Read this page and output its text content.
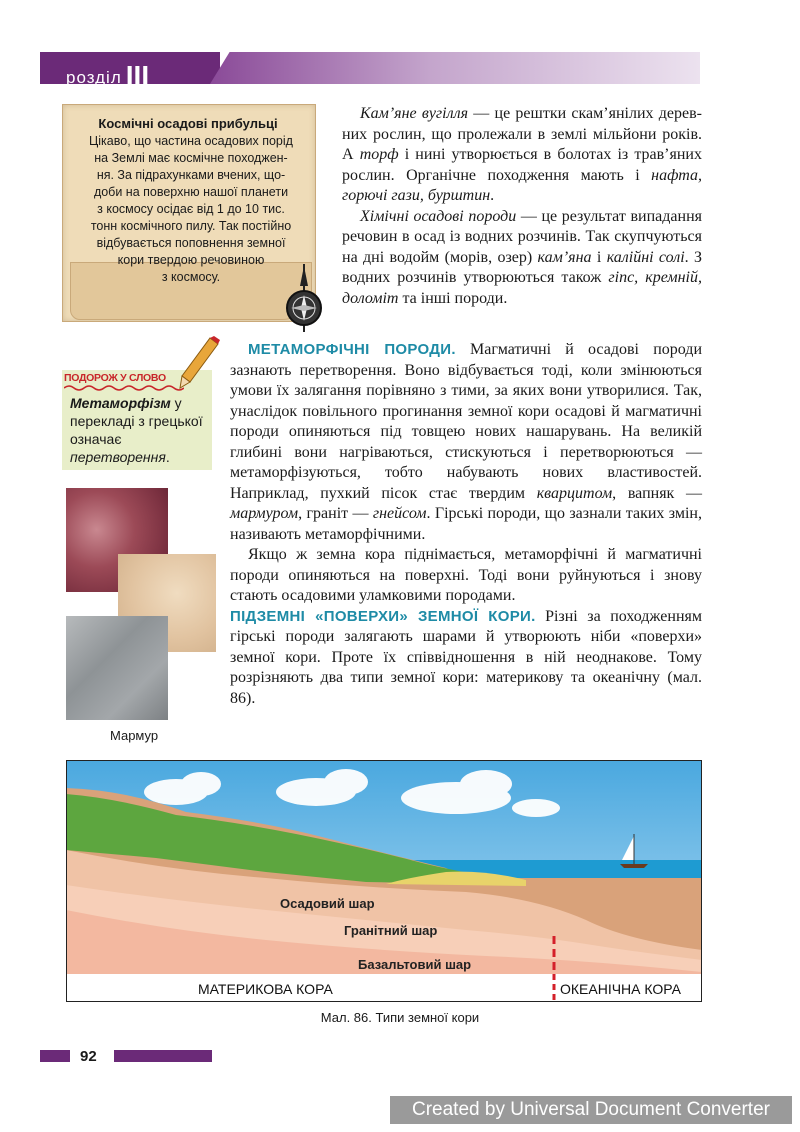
розділ III
Космічні осадові прибульці
Цікаво, що частина осадових порід
на Землі має космічне походжен-
ня. За підрахунками вчених, що-
доби на поверхню нашої планети
з космосу осідає від 1 до 10 тис.
тонн космічного пилу. Так постійно
відбувається поповнення земної
кори твердою речовиною
з космосу.

Кам’яне вугілля — це рештки скам’янілих деревних рослин, що пролежали в землі мільйони років. А торф і нині утворюється в болотах із трав’яних рослин. Органічне походження мають і нафта, горючі гази, бурштин.

Хімічні осадові породи — це результат випадання речовин в осад із водних розчинів. Так скупчуються на дні водойм (морів, озер) кам’яна і калійні солі. З водних розчинів утворюються також гіпс, кремній, доломіт та інші породи.

ПОДОРОЖ У СЛОВО
Метаморфізм у перекладі з грецької означає перетворення.

МЕТАМОРФІЧНІ ПОРОДИ. Магматичні й осадові породи зазнають перетворення. Воно відбувається тоді, коли змінюються умови їх залягання порівняно з тими, за яких вони утворилися. Так, унаслідок повільного прогинання земної кори осадові й магматичні породи опиняються під товщею нових нашарувань. На великій глибині вони нагріваються, стискуються і перетворюються — метаморфізуються, тобто набувають нових властивостей. Наприклад, пухкий пісок стає твердим кварцитом, вапняк — мармуром, граніт — гнейсом. Гірські породи, що зазнали таких змін, називають метаморфічними.

Якщо ж земна кора піднімається, метаморфічні й магматичні породи опиняються на поверхні. Тоді вони руйнуються і знову стають осадовими уламковими породами.

ПІДЗЕМНІ «ПОВЕРХИ» ЗЕМНОЇ КОРИ. Різні за походженням гірські породи залягають шарами й утворюють ніби «поверхи» земної кори. Проте їх співвідношення в ній неоднакове. Тому розрізняють два типи земної кори: материкову та океанічну (мал. 86).

Мармур
Осадовий шар
Гранітний шар
Базальтовий шар
МАТЕРИКОВА КОРА	ОКЕАНІЧНА КОРА
Мал. 86. Типи земної кори
92
Created by Universal Document Converter
